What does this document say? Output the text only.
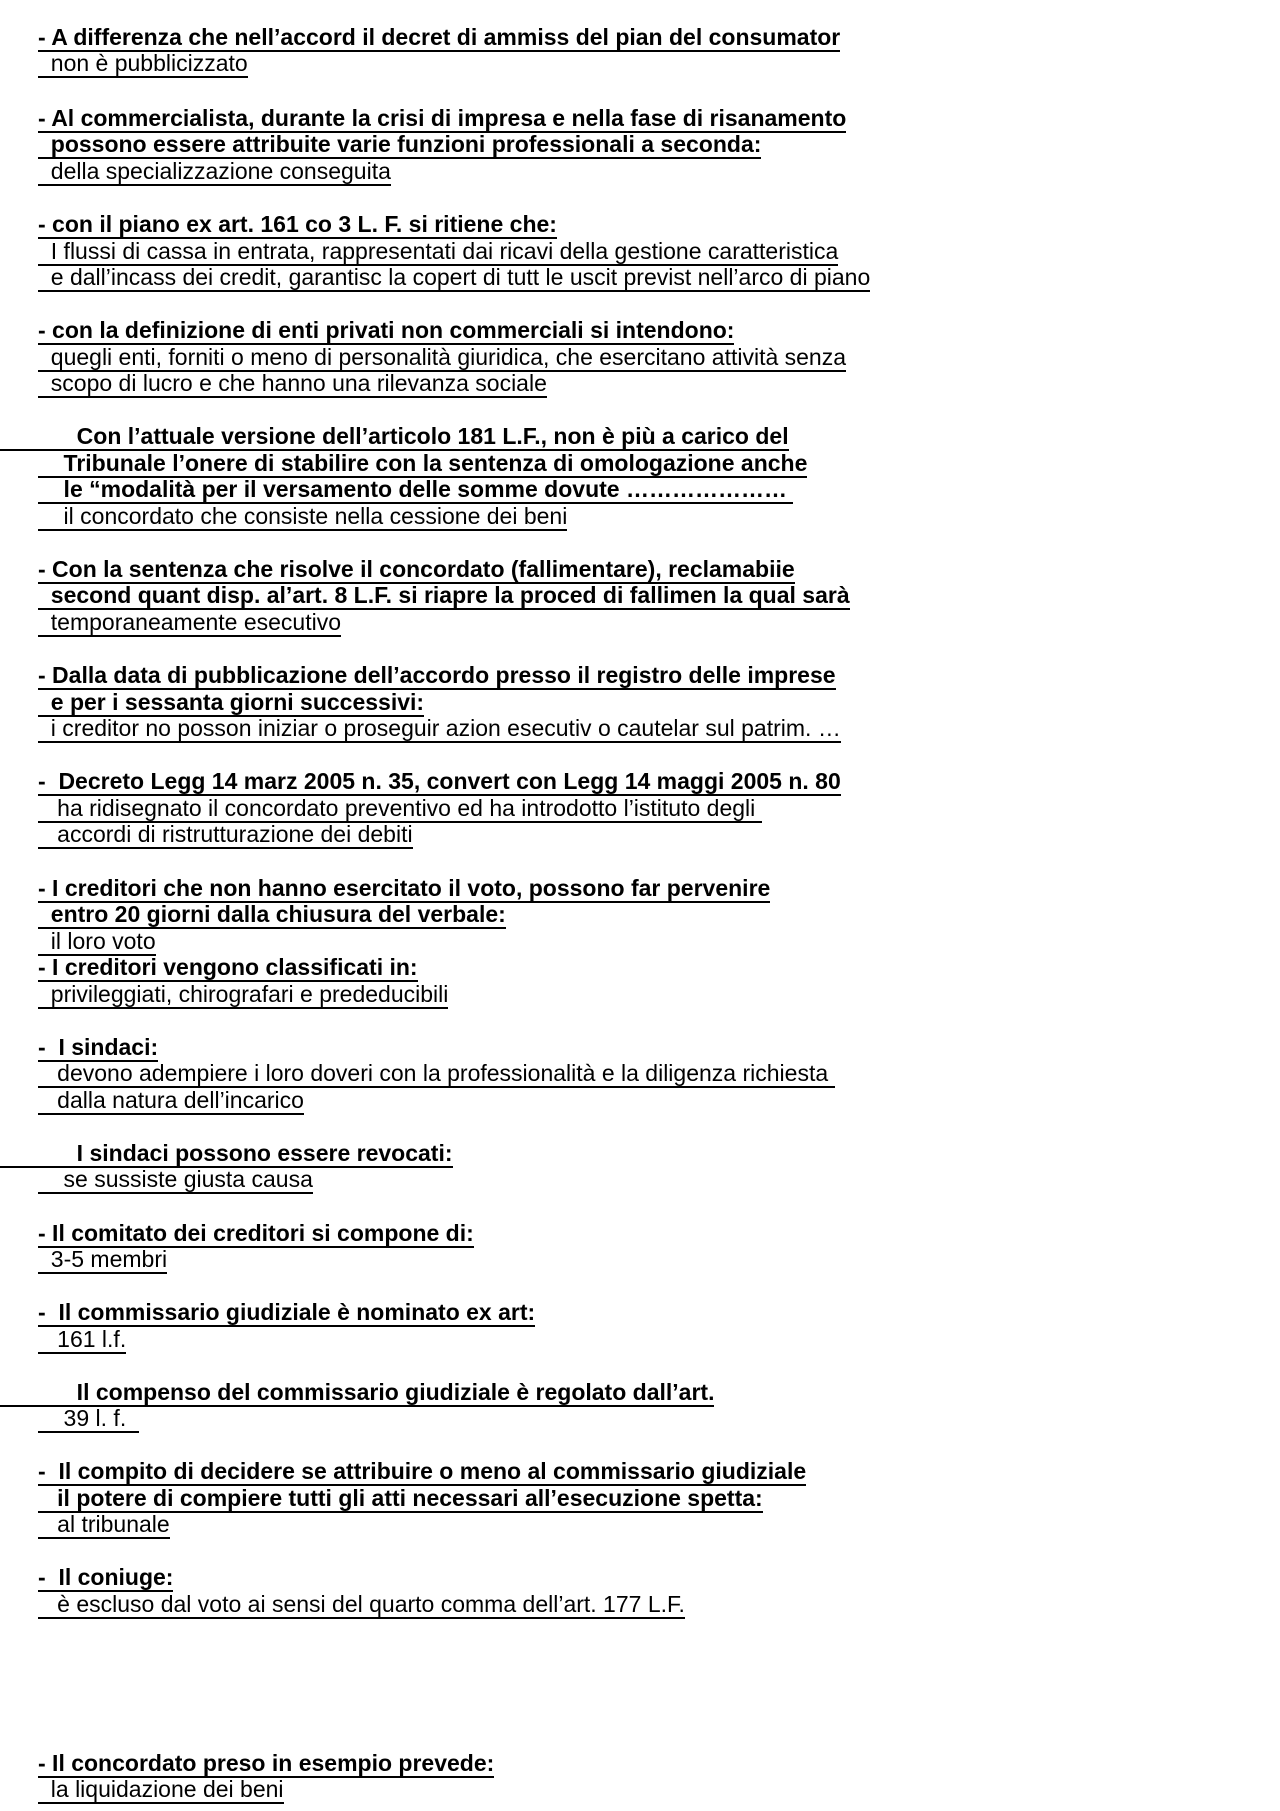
- A differenza che nell’accord il decret di ammiss del pian del consumator
non è pubblicizzato
- Al commercialista, durante la crisi di impresa e nella fase di risanamento
possono essere attribuite varie funzioni professionali a seconda:
della specializzazione conseguita
- con il piano ex art. 161 co 3 L. F. si ritiene che:
I flussi di cassa in entrata, rappresentati dai ricavi della gestione caratteristica
e dall’incass dei credit, garantisc la copert di tutt le uscit previst nell’arco di piano
- con la definizione di enti privati non commerciali si intendono:
quegli enti, forniti o meno di personalità giuridica, che esercitano attività senza
scopo di lucro e che hanno una rilevanza sociale
Con l’attuale versione dell’articolo 181 L.F., non è più a carico del
Tribunale l’onere di stabilire con la sentenza di omologazione anche
le “modalità per il versamento delle somme dovute …………………
il concordato che consiste nella cessione dei beni
- Con la sentenza che risolve il concordato (fallimentare), reclamabiie
second quant disp. al’art. 8 L.F. si riapre la proced di fallimen la qual sarà
temporaneamente esecutivo
- Dalla data di pubblicazione dell’accordo presso il registro delle imprese
e per i sessanta giorni successivi:
i creditor no posson iniziar o proseguir azion esecutiv o cautelar sul patrim. …
-  Decreto Legg 14 marz 2005 n. 35, convert con Legg 14 maggi 2005 n. 80
ha ridisegnato il concordato preventivo ed ha introdotto l’istituto degli
accordi di ristrutturazione dei debiti
- I creditori che non hanno esercitato il voto, possono far pervenire
entro 20 giorni dalla chiusura del verbale:
il loro voto
- I creditori vengono classificati in:
privileggiati, chirografari e prededucibili
-  I sindaci:
devono adempiere i loro doveri con la professionalità e la diligenza richiesta
dalla natura dell’incarico
I sindaci possono essere revocati:
se sussiste giusta causa
- Il comitato dei creditori si compone di:
3-5 membri
-  Il commissario giudiziale è nominato ex art:
161 l.f.
Il compenso del commissario giudiziale è regolato dall’art.
39 l. f.
-  Il compito di decidere se attribuire o meno al commissario giudiziale
il potere di compiere tutti gli atti necessari all’esecuzione spetta:
al tribunale
-  Il coniuge:
è escluso dal voto ai sensi del quarto comma dell’art. 177 L.F.
- Il concordato preso in esempio prevede:
la liquidazione dei beni
